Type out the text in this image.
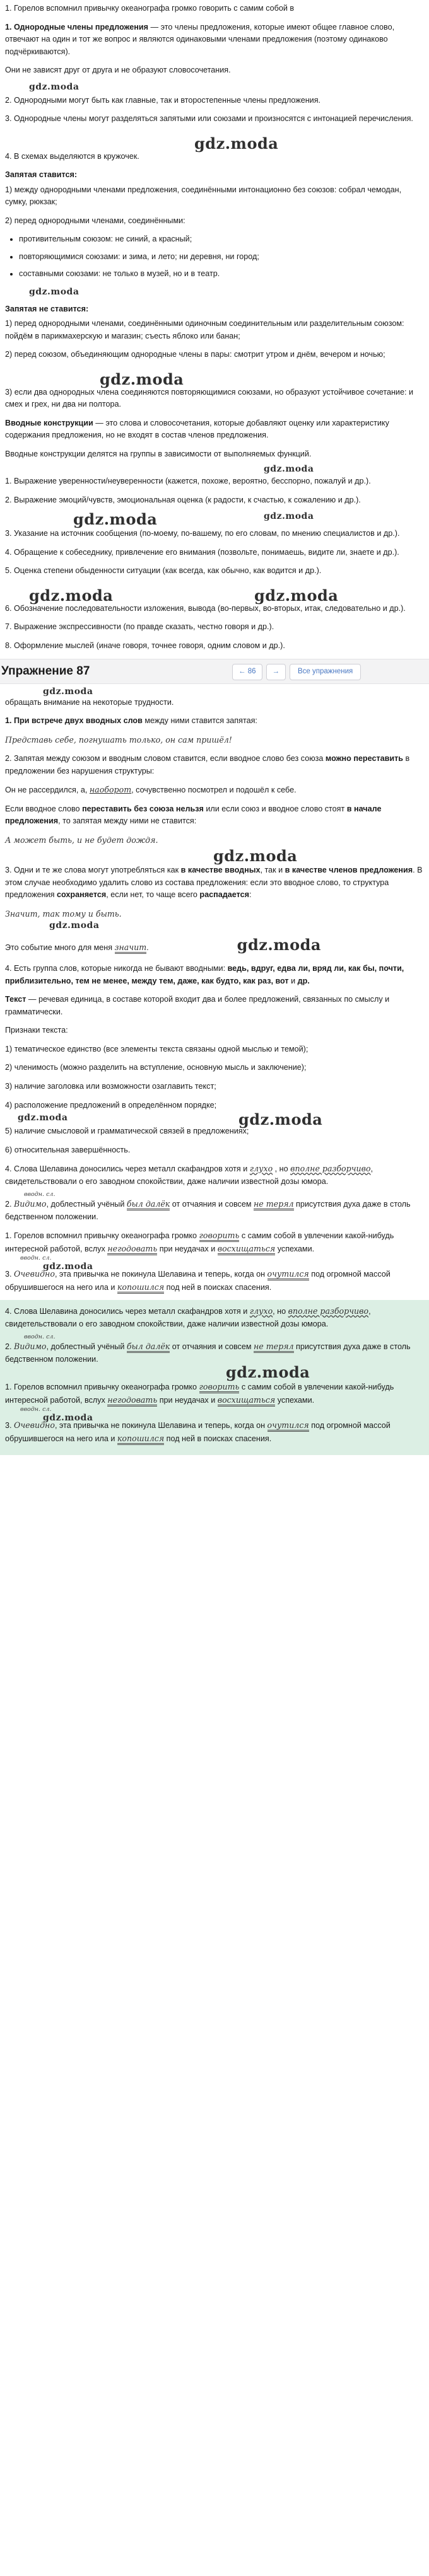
1. Горелов вспомнил привычку океанографа громко говорить с самим собой в

1. Однородные члены предложения — это члены предложения, которые имеют общее главное слово, отвечают на один и тот же вопрос и являются одинаковыми членами предложения (поэтому одинаково подчёркиваются).

Они не зависят друг от друга и не образуют словосочетания.

gdz.moda

2. Однородными могут быть как главные, так и второстепенные члены предложения.

3. Однородные члены могут разделяться запятыми или союзами и произносятся с интонацией перечисления.

gdz.moda

4. В схемах выделяются в кружочек.

Запятая ставится:

1) между однородными членами предложения, соединёнными интонационно без союзов: собрал чемодан, сумку, рюкзак;

2) перед однородными членами, соединёнными:

• противительным союзом: не синий, а красный;
• повторяющимися союзами: и зима, и лето; ни деревня, ни город;
• составными союзами: не только в музей, но и в театр.
gdz.moda
Запятая не ставится:

1) перед однородными членами, соединёнными одиночным соединительным или разделительным союзом: пойдём в парикмахерскую и магазин; съесть яблоко или банан;

2) перед союзом, объединяющим однородные члены в пары: смотрит утром и днём, вечером и ночью;

gdz.moda

3) если два однородных члена соединяются повторяющимися союзами, но образуют устойчивое сочетание: и смех и грех, ни два ни полтора.

Вводные конструкции — это слова и словосочетания, которые добавляют оценку или характеристику содержания предложения, но не входят в состав членов предложения.

Вводные конструкции делятся на группы в зависимости от выполняемых функций.

gdz.moda

1. Выражение уверенности/неуверенности (кажется, похоже, вероятно, бесспорно, пожалуй и др.).

2. Выражение эмоций/чувств, эмоциональная оценка (к радости, к счастью, к сожалению и др.).

gdz.moda	gdz.moda

3. Указание на источник сообщения (по-моему, по-вашему, по его словам, по мнению специалистов и др.).

4. Обращение к собеседнику, привлечение его внимания (позвольте, понимаешь, видите ли, знаете и др.).

5. Оценка степени обыденности ситуации (как всегда, как обычно, как водится и др.).

gdz.moda	gdz.moda

6. Обозначение последовательности изложения, вывода (во-первых, во-вторых, итак, следовательно и др.).

7. Выражение экспрессивности (по правде сказать, честно говоря и др.).

8. Оформление мыслей (иначе говоря, точнее говоря, одним словом и др.).

Упражнение 87	← 86	→	Все упражнения
gdz.moda

обращать внимание на некоторые трудности.

1. При встрече двух вводных слов между ними ставится запятая:

Представь себе, погнушать только, он сам пришёл!

2. Запятая между союзом и вводным словом ставится, если вводное слово без союза можно переставить в предложении без нарушения структуры:

Он не рассердился, а, наоборот, сочувственно посмотрел и подошёл к себе.

Если вводное слово переставить без союза нельзя или если союз и вводное слово стоят в начале предложения, то запятая между ними не ставится:

А может быть, и не будет дождя.

gdz.moda

3. Одни и те же слова могут употребляться как в качестве вводных, так и в качестве членов предложения. В этом случае необходимо удалить слово из состава предложения: если это вводное слово, то структура предложения сохраняется, если нет, то чаще всего распадается:

Значит, так тому и быть.

gdz.moda

Это событие много для меня значит.	gdz.moda

4. Есть группа слов, которые никогда не бывают вводными: ведь, вдруг, едва ли, вряд ли, как бы, почти, приблизительно, тем не менее, между тем, даже, как будто, как раз, вот и др.

Текст — речевая единица, в составе которой входит два и более предложений, связанных по смыслу и грамматически.

Признаки текста:

1) тематическое единство (все элементы текста связаны одной мыслью и темой);

2) членимость (можно разделить на вступление, основную мысль и заключение);

3) наличие заголовка или возможности озаглавить текст;

4) расположение предложений в определённом порядке;

gdz.moda	gdz.moda

5) наличие смысловой и грамматической связей в предложениях;

6) относительная завершённость.

4. Слова Шелавина доносились через металл скафандров хотя и глухо , но вполне разборчиво, свидетельствовали о его заводном спокойствии, даже наличии известной дозы юмора.

$^{вводн. сл.}$

2. Видимо, доблестный учёный был далёк от отчаяния и совсем не терял присутствия духа даже в столь бедственном положении.

1. Горелов вспомнил привычку океанографа громко говорить с самим собой в увлечении какой-нибудь интересной работой, вслух негодовать при неудачах и восхищаться успехами.

вводн. сл.
gdz.moda

3. Очевидно, эта привычка не покинула Шелавина и теперь, когда он очутился под огромной массой обрушившегося на него ила и копошился под ней в поисках спасения.

4. Слова Шелавина доносились через металл скафандров хотя и глухо, но вполне разборчиво, свидетельствовали о его заводном спокойствии, даже наличии известной дозы юмора.

$^{вводн. сл.}$

2. Видимо, доблестный учёный был далёк от отчаяния и совсем не терял присутствия духа даже в столь бедственном положении.

gdz.moda

1. Горелов вспомнил привычку океанографа громко говорить с самим собой в увлечении какой-нибудь интересной работой, вслух негодовать при неудачах и восхищаться успехами.

вводн. сл.
gdz.moda

3. Очевидно, эта привычка не покинула Шелавина и теперь, когда он очутился под огромной массой обрушившегося на него ила и копошился под ней в поисках спасения.
